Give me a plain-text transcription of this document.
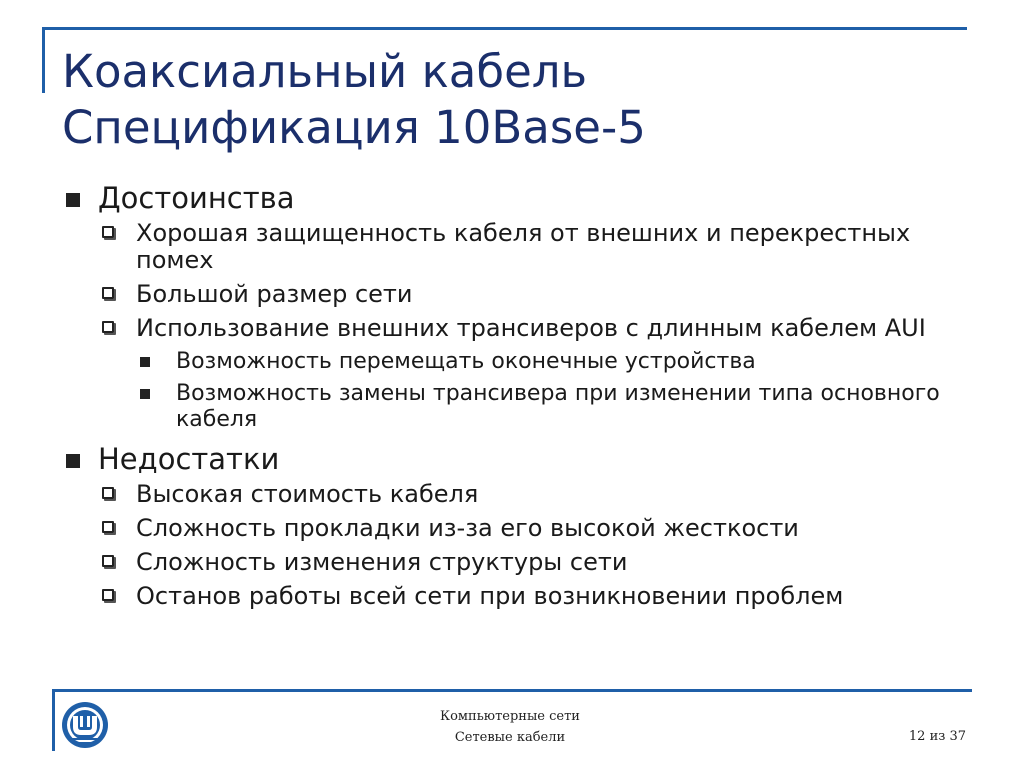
Коаксиальный кабель
Спецификация 10Base-5
Достоинства
Хорошая защищенность кабеля от внешних и перекрестных помех
Большой размер сети
Использование внешних трансиверов с длинным кабелем AUI
Возможность перемещать оконечные устройства
Возможность замены трансивера при изменении типа основного кабеля
Недостатки
Высокая стоимость кабеля
Сложность прокладки из-за его высокой жесткости
Сложность изменения структуры сети
Останов работы всей сети при возникновении проблем
Компьютерные сети
Сетевые кабели	12 из 37
